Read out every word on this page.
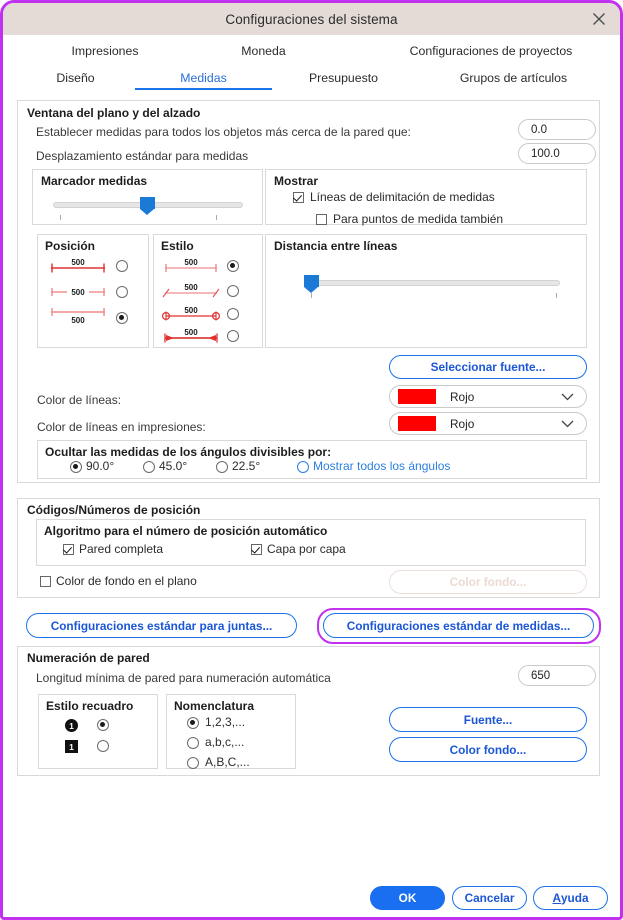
Configuraciones del sistema
Impresiones	Moneda	Configuraciones de proyectos
Diseño	Medidas	Presupuesto	Grupos de artículos
Ventana del plano y del alzado
Establecer medidas para todos los objetos más cerca de la pared que:	0.0
Desplazamiento estándar para medidas	100.0
Marcador medidas	Mostrar
Líneas de delimitación de medidas
Para puntos de medida también
Posición
500
500
500
Estilo
500
500
500
500
Distancia entre líneas
Seleccionar fuente...
Color de líneas:	Rojo
Color de líneas en impresiones:	Rojo
Ocultar las medidas de los ángulos divisibles por:
90.0°	45.0°	22.5°	Mostrar todos los ángulos
Códigos/Números de posición
Algoritmo para el número de posición automático
Pared completa	Capa por capa
Color de fondo en el plano	Color fondo...
Configuraciones estándar para juntas...	Configuraciones estándar de medidas...
Numeración de pared
Longitud mínima de pared para numeración automática	650
Estilo recuadro
1
1
Nomenclatura
1,2,3,...
a,b,c,...
A,B,C,...
Fuente...
Color fondo...
OK	Cancelar	A yuda
